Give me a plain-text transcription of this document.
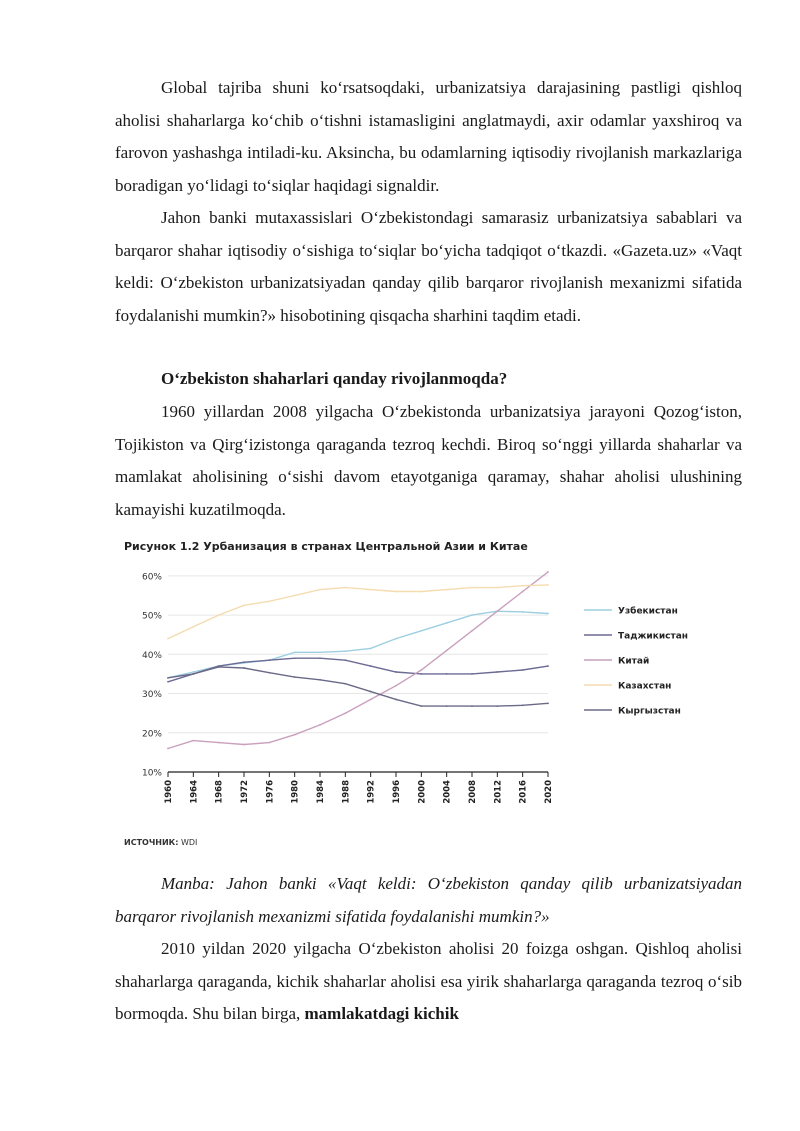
Global tajriba shuni ko‘rsatsoqdaki, urbanizatsiya darajasining pastligi qishloq aholisi shaharlarga ko‘chib o‘tishni istamasligini anglatmaydi, axir odamlar yaxshiroq va farovon yashashga intiladi-ku. Aksincha, bu odamlarning iqtisodiy rivojlanish markazlariga boradigan yo‘lidagi to‘siqlar haqidagi signaldir.

Jahon banki mutaxassislari O‘zbekistondagi samarasiz urbanizatsiya sabablari va barqaror shahar iqtisodiy o‘sishiga to‘siqlar bo‘yicha tadqiqot o‘tkazdi. «Gazeta.uz» «Vaqt keldi: O‘zbekiston urbanizatsiyadan qanday qilib barqaror rivojlanish mexanizmi sifatida foydalanishi mumkin?» hisobotining qisqacha sharhini taqdim etadi.

O‘zbekiston shaharlari qanday rivojlanmoqda?

1960 yillardan 2008 yilgacha O‘zbekistonda urbanizatsiya jarayoni Qozog‘iston, Tojikiston va Qirg‘izistonga qaraganda tezroq kechdi. Biroq so‘nggi yillarda shaharlar va mamlakat aholisining o‘sishi davom etayotganiga qaramay, shahar aholisi ulushining kamayishi kuzatilmoqda.

Рисунок 1.2 Урбанизация в странах Центральной Азии и Китае
10%
20%
30%
40%
50%
60%
1960 1964 1968 1972 1976 1980 1984 1988 1992 1996 2000 2004 2008 2012 2016 2020
Узбекистан
Таджикистан
Китай
Казахстан
Кыргызстан
ИСТОЧНИК: WDI

Manba: Jahon banki «Vaqt keldi: O‘zbekiston qanday qilib urbanizatsiyadan barqaror rivojlanish mexanizmi sifatida foydalanishi mumkin?»

2010 yildan 2020 yilgacha O‘zbekiston aholisi 20 foizga oshgan. Qishloq aholisi shaharlarga qaraganda, kichik shaharlar aholisi esa yirik shaharlarga qaraganda tezroq o‘sib bormoqda. Shu bilan birga, mamlakatdagi kichik
